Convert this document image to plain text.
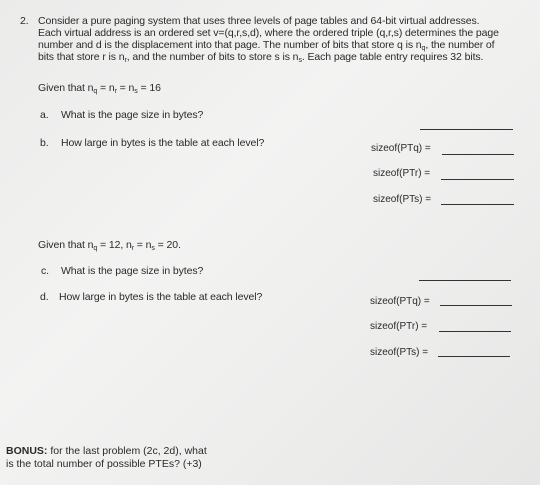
2. Consider a pure paging system that uses three levels of page tables and 64-bit virtual addresses.
Each virtual address is an ordered set v=(q,r,s,d), where the ordered triple (q,r,s) determines the page
number and d is the displacement into that page. The number of bits that store q is $n_q$, the number of
bits that store r is $n_r$, and the number of bits to store s is $n_s$. Each page table entry requires 32 bits.
Given that $n_q = n_r = n_s = 16$
a. What is the page size in bytes?
b. How large in bytes is the table at each level?	sizeof(PTq) =
sizeof(PTr) =
sizeof(PTs) =
Given that $n_q = 12$, $n_r = n_s = 20$.
c. What is the page size in bytes?
d. How large in bytes is the table at each level?	sizeof(PTq) =
sizeof(PTr) =
sizeof(PTs) =
BONUS: for the last problem (2c, 2d), what
is the total number of possible PTEs? (+3)
